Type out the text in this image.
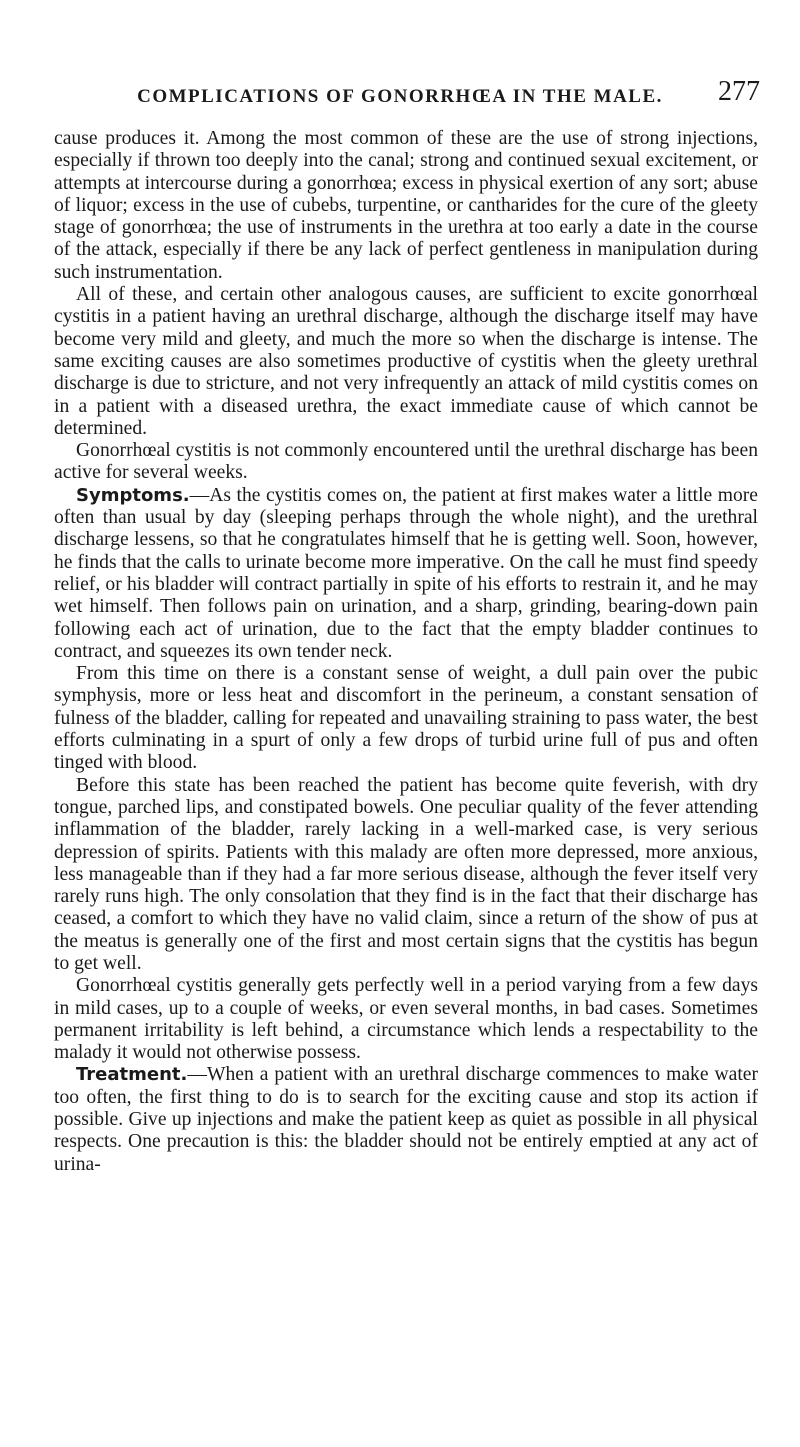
COMPLICATIONS OF GONORRHŒA IN THE MALE.	277

cause produces it. Among the most common of these are the use of strong injections, especially if thrown too deeply into the canal; strong and continued sexual excitement, or attempts at intercourse during a gonorrhœa; excess in physical exertion of any sort; abuse of liquor; excess in the use of cubebs, turpentine, or cantharides for the cure of the gleety stage of gonorrhœa; the use of instruments in the urethra at too early a date in the course of the attack, especially if there be any lack of perfect gentleness in manipulation during such instrumentation.

All of these, and certain other analogous causes, are sufficient to excite gonorrhœal cystitis in a patient having an urethral discharge, although the discharge itself may have become very mild and gleety, and much the more so when the discharge is intense. The same exciting causes are also sometimes productive of cystitis when the gleety urethral discharge is due to stricture, and not very infrequently an attack of mild cystitis comes on in a patient with a diseased urethra, the exact immediate cause of which cannot be determined.

Gonorrhœal cystitis is not commonly encountered until the urethral discharge has been active for several weeks.

Symptoms.—As the cystitis comes on, the patient at first makes water a little more often than usual by day (sleeping perhaps through the whole night), and the urethral discharge lessens, so that he congratulates himself that he is getting well. Soon, however, he finds that the calls to urinate become more imperative. On the call he must find speedy relief, or his bladder will contract partially in spite of his efforts to restrain it, and he may wet himself. Then follows pain on urination, and a sharp, grinding, bearing-down pain following each act of urination, due to the fact that the empty bladder continues to contract, and squeezes its own tender neck.

From this time on there is a constant sense of weight, a dull pain over the pubic symphysis, more or less heat and discomfort in the perineum, a constant sensation of fulness of the bladder, calling for repeated and unavailing straining to pass water, the best efforts culminating in a spurt of only a few drops of turbid urine full of pus and often tinged with blood.

Before this state has been reached the patient has become quite feverish, with dry tongue, parched lips, and constipated bowels. One peculiar quality of the fever attending inflammation of the bladder, rarely lacking in a well-marked case, is very serious depression of spirits. Patients with this malady are often more depressed, more anxious, less manageable than if they had a far more serious disease, although the fever itself very rarely runs high. The only consolation that they find is in the fact that their discharge has ceased, a comfort to which they have no valid claim, since a return of the show of pus at the meatus is generally one of the first and most certain signs that the cystitis has begun to get well.

Gonorrhœal cystitis generally gets perfectly well in a period varying from a few days in mild cases, up to a couple of weeks, or even several months, in bad cases. Sometimes permanent irritability is left behind, a circumstance which lends a respectability to the malady it would not otherwise possess.

Treatment.—When a patient with an urethral discharge commences to make water too often, the first thing to do is to search for the exciting cause and stop its action if possible. Give up injections and make the patient keep as quiet as possible in all physical respects. One precaution is this: the bladder should not be entirely emptied at any act of urina-
